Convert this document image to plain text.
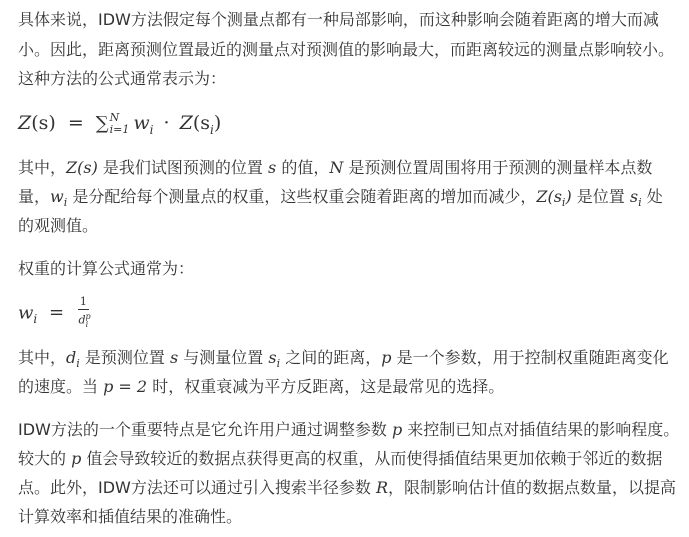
具体来说，IDW方法假定每个测量点都有一种局部影响，而这种影响会随着距离的增大而减
小。因此，距离预测位置最近的测量点对预测值的影响最大，而距离较远的测量点影响较小。
这种方法的公式通常表示为：
Z(s) = ∑ N
i=1 $w_i \cdot Z(s_i)$
其中，Z(s) 是我们试图预测的位置 s 的值，N 是预测位置周围将用于预测的测量样本点数
量，$w_i$ 是分配给每个测量点的权重，这些权重会随着距离的增加而减少，$Z(s_i)$ 是位置 $s_i$ 处
的观测值。
权重的计算公式通常为：
$w_i = \frac{1}{d^p_i}$
其中，$d_i$ 是预测位置 s 与测量位置 $s_i$ 之间的距离，p 是一个参数，用于控制权重随距离变化
的速度。当 p = 2 时，权重衰减为平方反距离，这是最常见的选择。
IDW方法的一个重要特点是它允许用户通过调整参数 p 来控制已知点对插值结果的影响程度。
较大的 p 值会导致较近的数据点获得更高的权重，从而使得插值结果更加依赖于邻近的数据
点。此外，IDW方法还可以通过引入搜索半径参数 R，限制影响估计值的数据点数量，以提高
计算效率和插值结果的准确性。
